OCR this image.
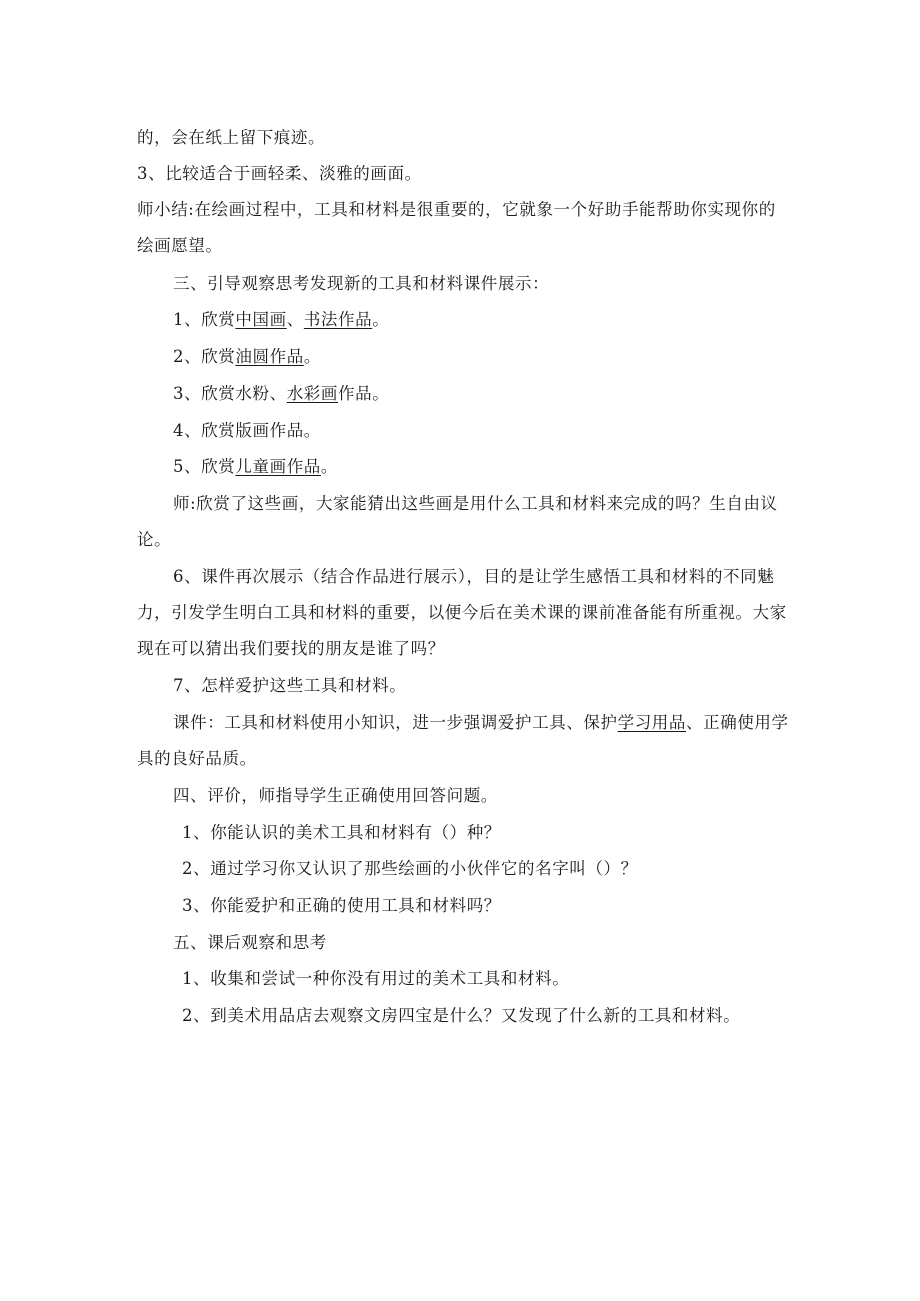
的，会在纸上留下痕迹。
3、比较适合于画轻柔、淡雅的画面。
师小结:在绘画过程中，工具和材料是很重要的，它就象一个好助手能帮助你实现你的
绘画愿望。
三、引导观察思考发现新的工具和材料课件展示：
1、欣赏中国画、书法作品。
2、欣赏油圆作品。
3、欣赏水粉、水彩画作品。
4、欣赏版画作品。
5、欣赏儿童画作品。
师:欣赏了这些画，大家能猜出这些画是用什么工具和材料来完成的吗？生自由议
论。
6、课件再次展示（结合作品进行展示），目的是让学生感悟工具和材料的不同魅
力，引发学生明白工具和材料的重要，以便今后在美术课的课前准备能有所重视。大家
现在可以猜出我们要找的朋友是谁了吗？
7、怎样爱护这些工具和材料。
课件：工具和材料使用小知识，进一步强调爱护工具、保护学习用品、正确使用学
具的良好品质。
四、评价，师指导学生正确使用回答问题。
1、你能认识的美术工具和材料有（）种？
2、通过学习你又认识了那些绘画的小伙伴它的名字叫（）？
3、你能爱护和正确的使用工具和材料吗？
五、课后观察和思考
1、收集和尝试一种你没有用过的美术工具和材料。
2、到美术用品店去观察文房四宝是什么？又发现了什么新的工具和材料。
